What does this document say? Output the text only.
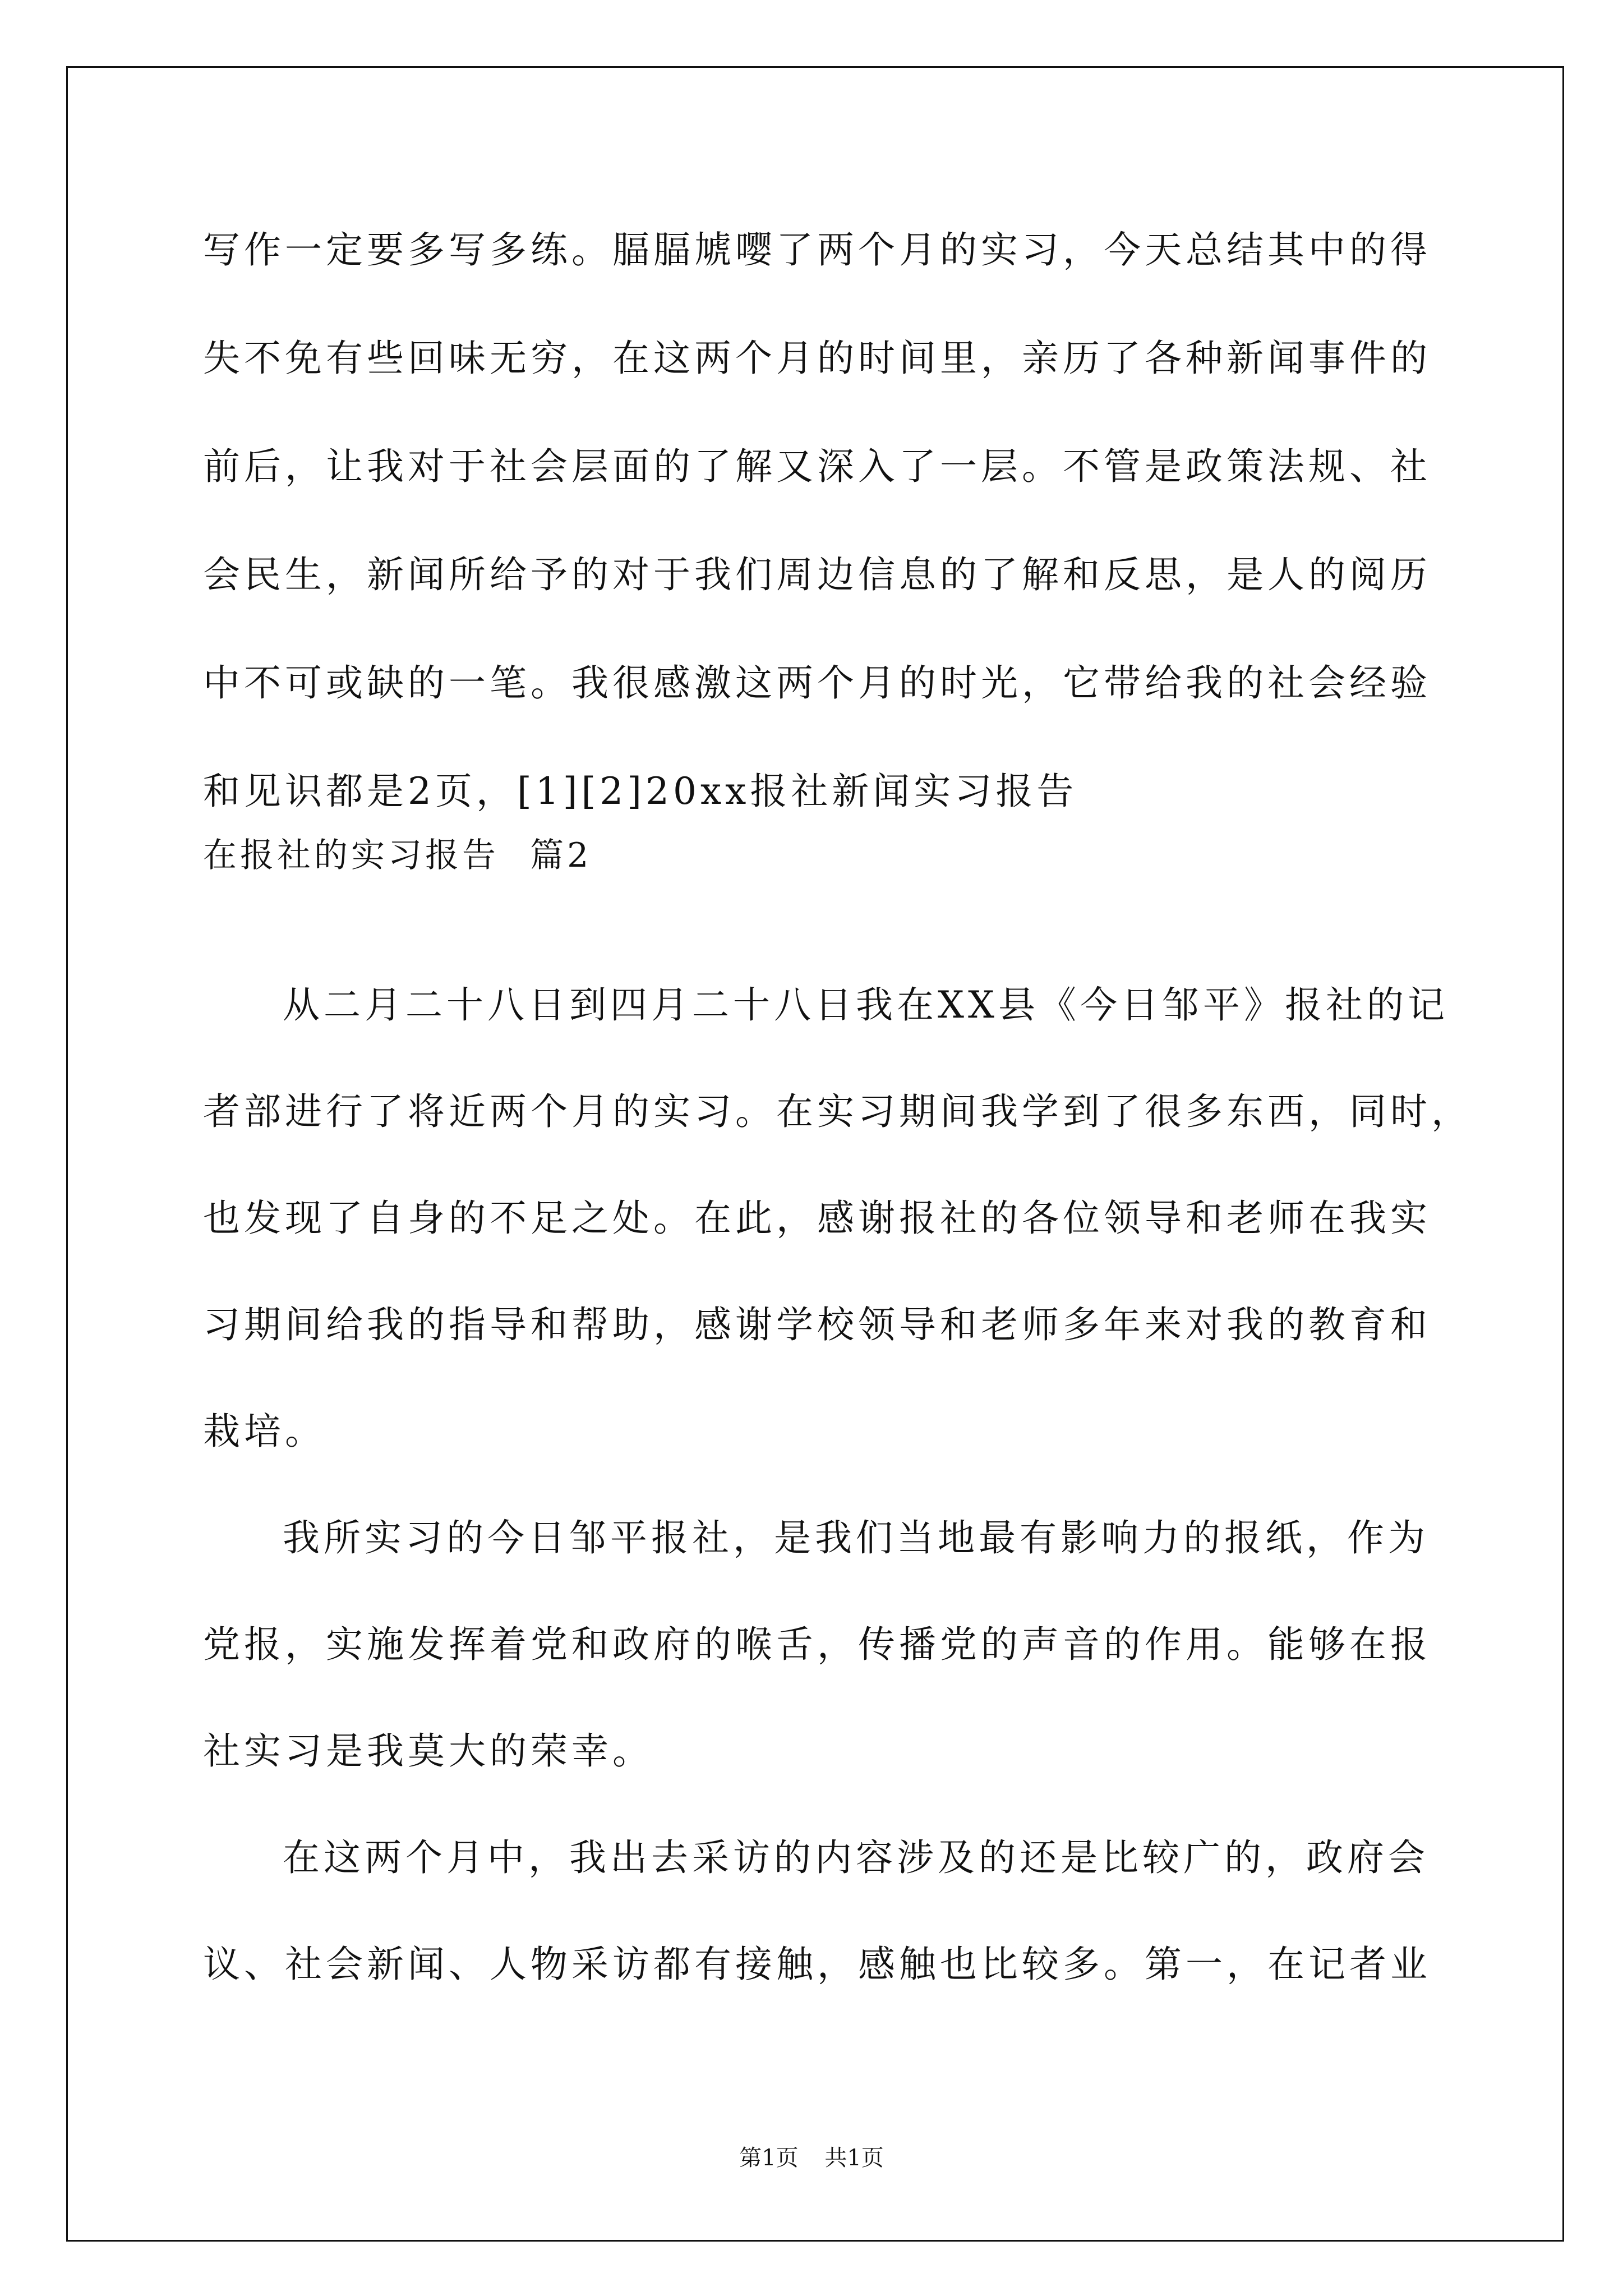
写作一定要多写多练。腷腷虓嘤了两个月的实习，今天总结其中的得
失不免有些回味无穷，在这两个月的时间里，亲历了各种新闻事件的
前后，让我对于社会层面的了解又深入了一层。不管是政策法规、社
会民生，新闻所给予的对于我们周边信息的了解和反思，是人的阅历
中不可或缺的一笔。我很感激这两个月的时光，它带给我的社会经验
和见识都是2页，[1][2]20xx报社新闻实习报告
在报社的实习报告 篇2
从二月二十八日到四月二十八日我在XX县《今日邹平》报社的记
者部进行了将近两个月的实习。在实习期间我学到了很多东西，同时，
也发现了自身的不足之处。在此，感谢报社的各位领导和老师在我实
习期间给我的指导和帮助，感谢学校领导和老师多年来对我的教育和
栽培。
我所实习的今日邹平报社，是我们当地最有影响力的报纸，作为
党报，实施发挥着党和政府的喉舌，传播党的声音的作用。能够在报
社实习是我莫大的荣幸。
在这两个月中，我出去采访的内容涉及的还是比较广的，政府会
议、社会新闻、人物采访都有接触，感触也比较多。第一，在记者业
第1页 共1页
